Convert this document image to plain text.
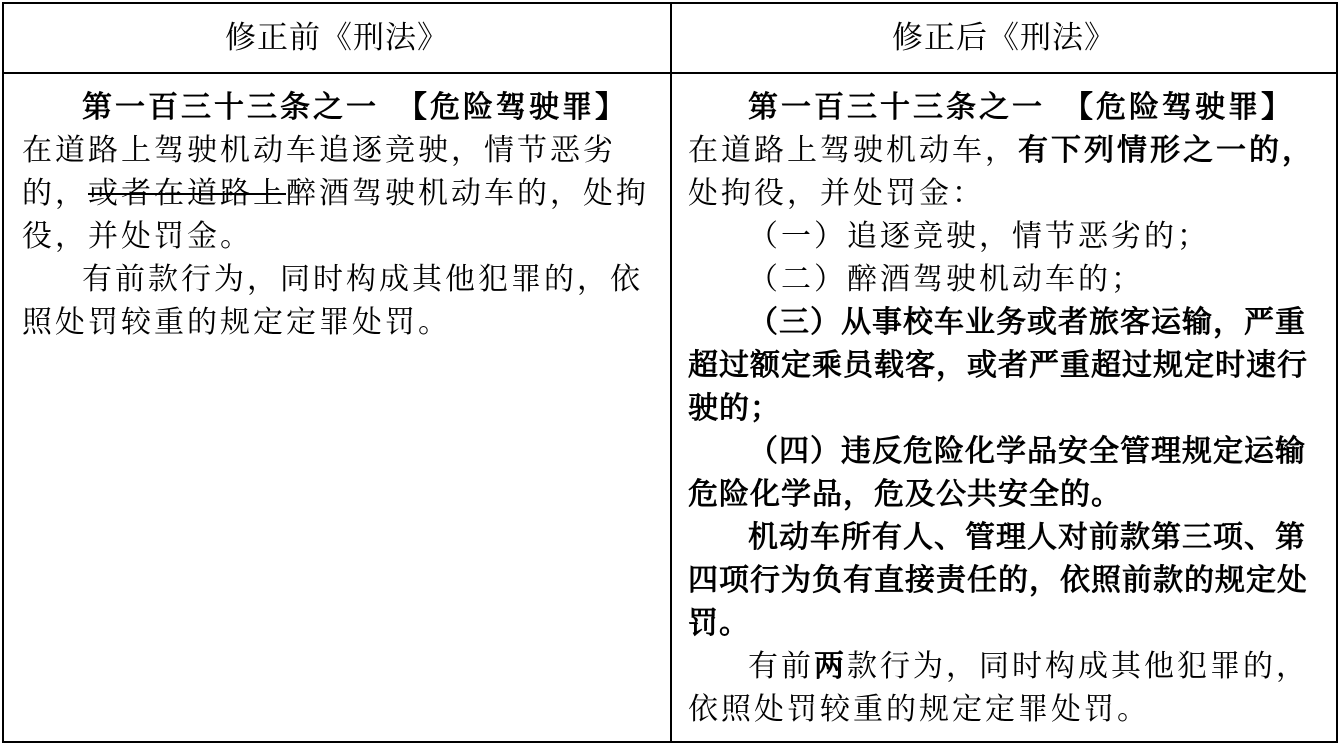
修正前《刑法》	修正后《刑法》

第一百三十三条之一　【危险驾驶罪】在道路上驾驶机动车追逐竞驶，情节恶劣的，或者在道路上醉酒驾驶机动车的，处拘役，并处罚金。

有前款行为，同时构成其他犯罪的，依照处罚较重的规定定罪处罚。

第一百三十三条之一　【危险驾驶罪】在道路上驾驶机动车，有下列情形之一的，处拘役，并处罚金：

（一）追逐竞驶，情节恶劣的；

（二）醉酒驾驶机动车的；

（三）从事校车业务或者旅客运输，严重超过额定乘员载客，或者严重超过规定时速行驶的；

（四）违反危险化学品安全管理规定运输危险化学品，危及公共安全的。

机动车所有人、管理人对前款第三项、第四项行为负有直接责任的，依照前款的规定处罚。

有前两款行为，同时构成其他犯罪的，依照处罚较重的规定定罪处罚。
